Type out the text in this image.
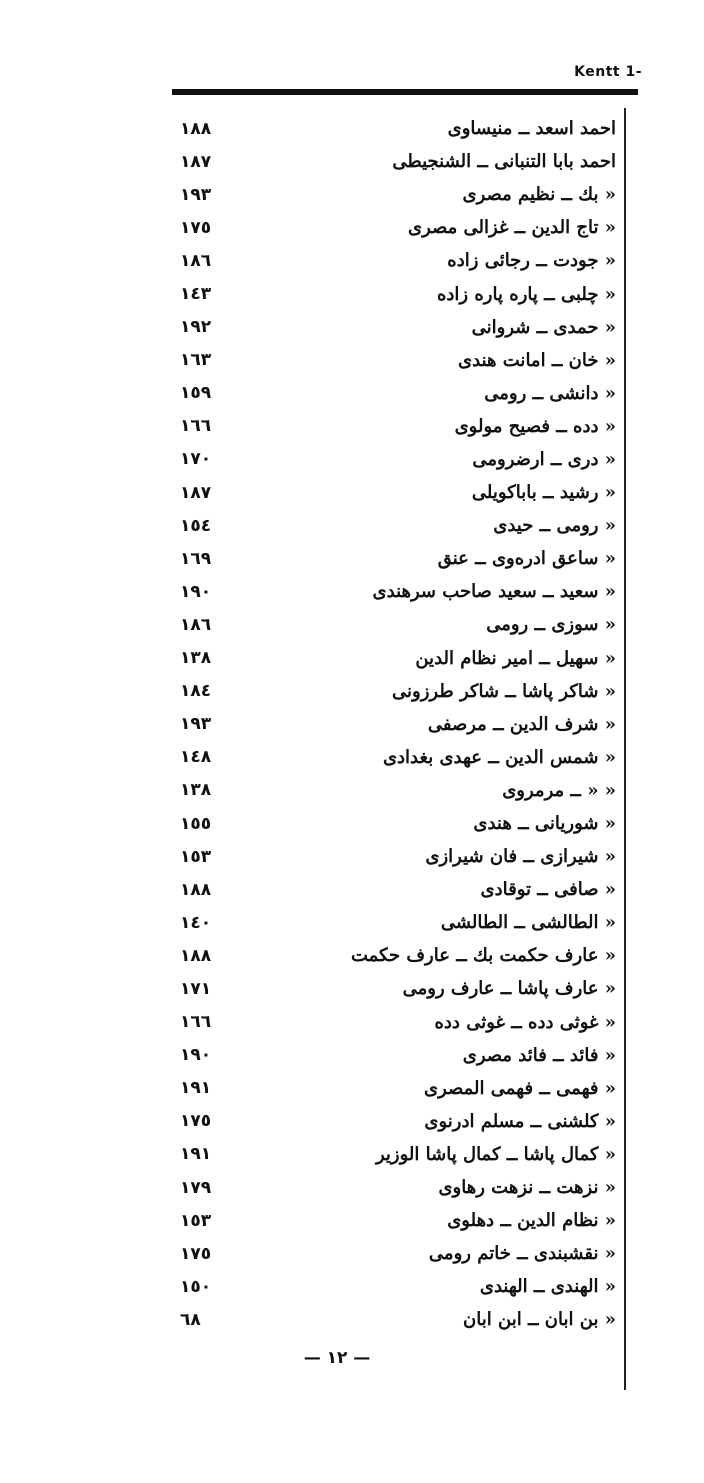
Kentt 1-
١٨٨	احمد اسعد ــ منیساوی
١٨٧	احمد بابا التنبانی ــ الشنجیطی
١٩٣	« بك ــ نظیم مصری
١٧٥	« تاج الدین ــ غزالی مصری
١٨٦	« جودت ــ رجائی زاده
١٤٣	« چلبی ــ پاره پاره زاده
١٩٢	« حمدی ــ شروانی
١٦٣	« خان ــ امانت هندی
١٥٩	« دانشی ــ رومی
١٦٦	« دده ــ فصیح مولوی
١٧٠	« دری ــ ارضرومی
١٨٧	« رشید ــ باباکویلی
١٥٤	« رومی ــ حیدی
١٦٩	« ساعق ادرەوی ــ عنق
١٩٠	« سعید ــ سعید صاحب سرهندی
١٨٦	« سوزی ــ رومی
١٣٨	« سهیل ــ امیر نظام الدین
١٨٤	« شاکر پاشا ــ شاکر طرزونی
١٩٣	« شرف الدین ــ مرصفی
١٤٨	« شمس الدین ــ عهدی بغدادی
١٣٨	« « ــ مرمروی
١٥٥	« شوریانی ــ هندی
١٥٣	« شیرازی ــ فان شیرازی
١٨٨	« صافی ــ توقادی
١٤٠	« الطالشی ــ الطالشی
١٨٨	« عارف حکمت بك ــ عارف حکمت
١٧١	« عارف پاشا ــ عارف رومی
١٦٦	« غوثی دده ــ غوثی دده
١٩٠	« فائد ــ فائد مصری
١٩١	« فهمی ــ فهمی المصری
١٧٥	« کلشنی ــ مسلم ادرنوی
١٩١	« کمال پاشا ــ کمال پاشا الوزیر
١٧٩	« نزهت ــ نزهت رهاوی
١٥٣	« نظام الدین ــ دهلوی
١٧٥	« نقشبندی ــ خاتم رومی
١٥٠	« الهندی ــ الهندی
٦٨	« بن ابان ــ ابن ابان
— ١٢ —
